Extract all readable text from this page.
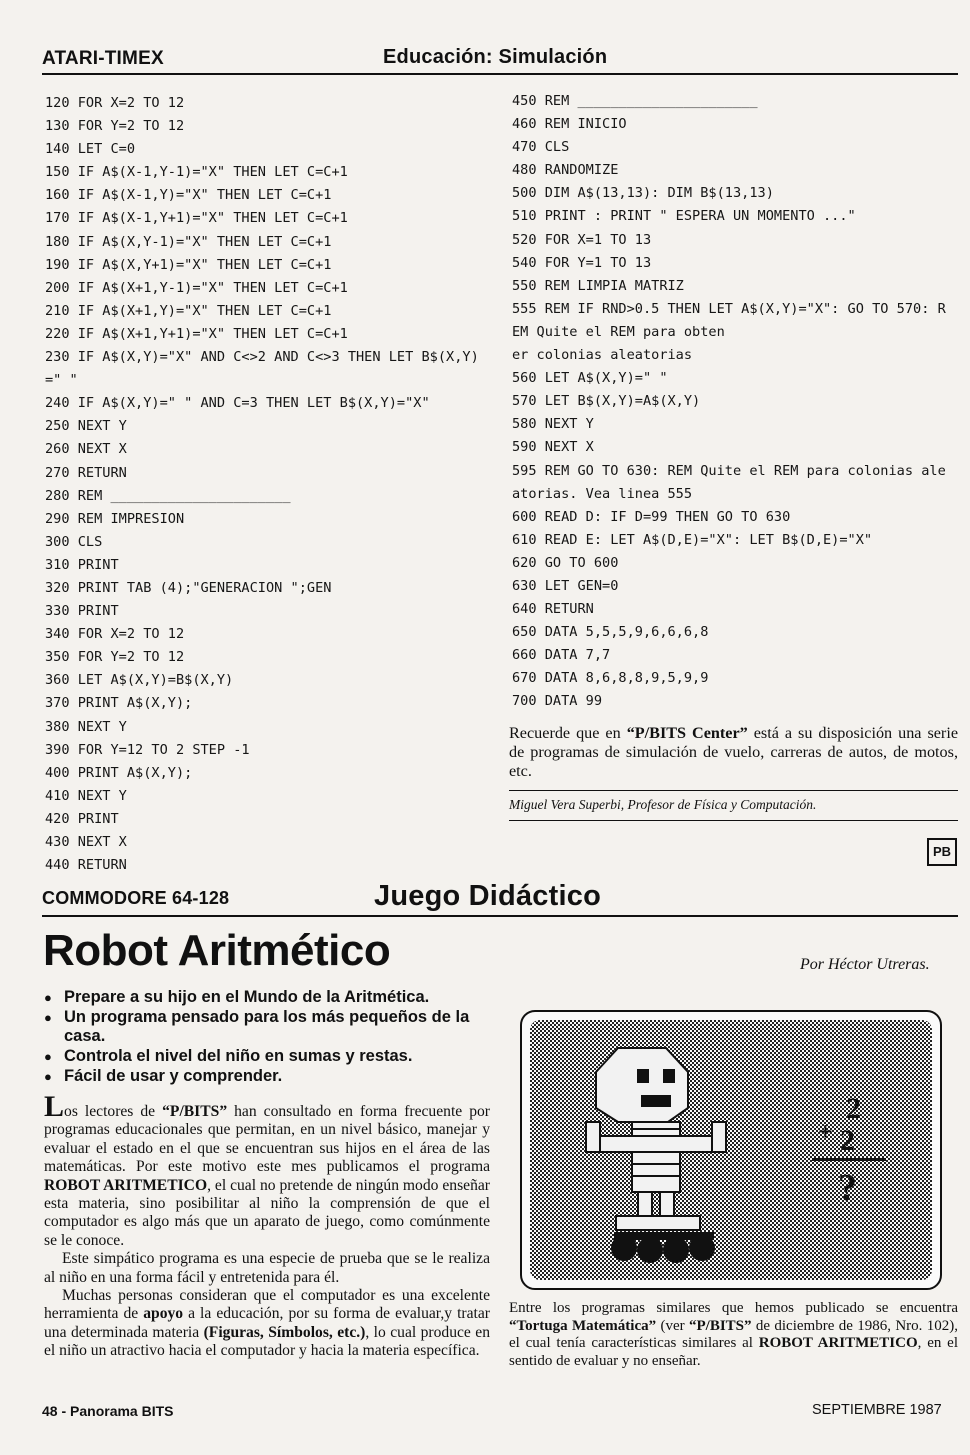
ATARI-TIMEX	Educación: Simulación
120 FOR X=2 TO 12
130 FOR Y=2 TO 12
140 LET C=0
150 IF A$(X-1,Y-1)="X" THEN LET C=C+1
160 IF A$(X-1,Y)="X" THEN LET C=C+1
170 IF A$(X-1,Y+1)="X" THEN LET C=C+1
180 IF A$(X,Y-1)="X" THEN LET C=C+1
190 IF A$(X,Y+1)="X" THEN LET C=C+1
200 IF A$(X+1,Y-1)="X" THEN LET C=C+1
210 IF A$(X+1,Y)="X" THEN LET C=C+1
220 IF A$(X+1,Y+1)="X" THEN LET C=C+1
230 IF A$(X,Y)="X" AND C<>2 AND C<>3 THEN LET B$(X,Y)
=" "
240 IF A$(X,Y)=" " AND C=3 THEN LET B$(X,Y)="X"
250 NEXT Y
260 NEXT X
270 RETURN
280 REM ______________________
290 REM IMPRESION
300 CLS
310 PRINT
320 PRINT TAB (4);"GENERACION ";GEN
330 PRINT
340 FOR X=2 TO 12
350 FOR Y=2 TO 12
360 LET A$(X,Y)=B$(X,Y)
370 PRINT A$(X,Y);
380 NEXT Y
390 FOR Y=12 TO 2 STEP -1
400 PRINT A$(X,Y);
410 NEXT Y
420 PRINT
430 NEXT X
440 RETURN
450 REM ______________________
460 REM INICIO
470 CLS
480 RANDOMIZE
500 DIM A$(13,13): DIM B$(13,13)
510 PRINT : PRINT " ESPERA UN MOMENTO ..."
520 FOR X=1 TO 13
540 FOR Y=1 TO 13
550 REM LIMPIA MATRIZ
555 REM IF RND>0.5 THEN LET A$(X,Y)="X": GO TO 570: R
EM Quite el REM para obten
er colonias aleatorias
560 LET A$(X,Y)=" "
570 LET B$(X,Y)=A$(X,Y)
580 NEXT Y
590 NEXT X
595 REM GO TO 630: REM Quite el REM para colonias ale
atorias. Vea linea 555
600 READ D: IF D=99 THEN GO TO 630
610 READ E: LET A$(D,E)="X": LET B$(D,E)="X"
620 GO TO 600
630 LET GEN=0
640 RETURN
650 DATA 5,5,5,9,6,6,6,8
660 DATA 7,7
670 DATA 8,6,8,8,9,5,9,9
700 DATA 99
Recuerde que en “P/BITS Center” está a su disposición una serie de programas de simulación de vuelo, carreras de autos, de motos, etc.
Miguel Vera Superbi, Profesor de Física y Computación.
PB
COMMODORE 64-128	Juego Didáctico
Robot Aritmético	Por Héctor Utreras.
● Prepare a su hijo en el Mundo de la Aritmética.
● Un programa pensado para los más pequeños de la casa.
● Controla el nivel del niño en sumas y restas.
● Fácil de usar y comprender.

Los lectores de “P/BITS” han consultado en forma frecuente por programas educacionales que permitan, en un nivel básico, manejar y evaluar el estado en el que se encuentran sus hijos en el área de las matemáticas. Por este motivo este mes publicamos el programa ROBOT ARITMETICO, el cual no pretende de ningún modo enseñar esta materia, sino posibilitar al niño la comprensión de que el computador es algo más que un aparato de juego, como comúnmente se le conoce.

Este simpático programa es una especie de prueba que se le realiza al niño en una forma fácil y entretenida para él.

Muchas personas consideran que el computador es una excelente herramienta de apoyo a la educación, por su forma de evaluar,y tratar una determinada materia (Figuras, Símbolos, etc.), lo cual produce en el niño un atractivo hacia el computador y hacia la materia específica.

2
+ 2
?
Entre los programas similares que hemos publicado se encuentra “Tortuga Matemática” (ver “P/BITS” de diciembre de 1986, Nro. 102), el cual tenía características similares al ROBOT ARITMETICO, en el sentido de evaluar y no enseñar.
48 - Panorama BITS	SEPTIEMBRE 1987
